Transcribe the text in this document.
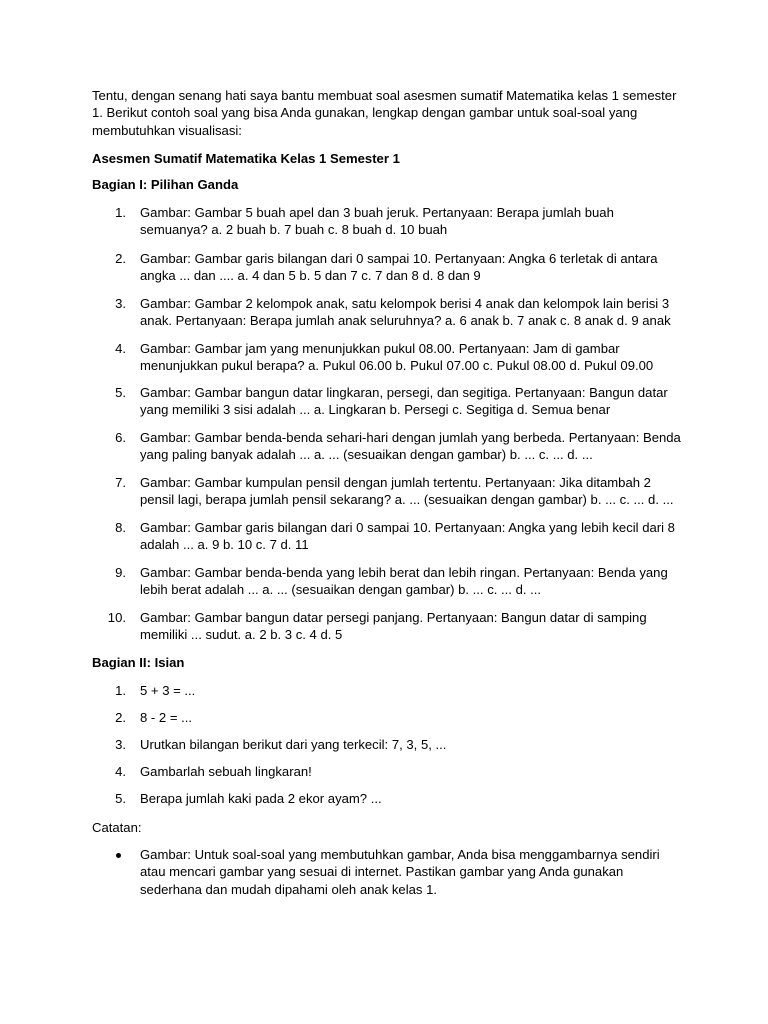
Tentu, dengan senang hati saya bantu membuat soal asesmen sumatif Matematika kelas 1 semester 1. Berikut contoh soal yang bisa Anda gunakan, lengkap dengan gambar untuk soal-soal yang membutuhkan visualisasi:

Asesmen Sumatif Matematika Kelas 1 Semester 1

Bagian I: Pilihan Ganda

1. Gambar: Gambar 5 buah apel dan 3 buah jeruk. Pertanyaan: Berapa jumlah buah semuanya? a. 2 buah b. 7 buah c. 8 buah d. 10 buah
2. Gambar: Gambar garis bilangan dari 0 sampai 10. Pertanyaan: Angka 6 terletak di antara angka ... dan .... a. 4 dan 5 b. 5 dan 7 c. 7 dan 8 d. 8 dan 9
3. Gambar: Gambar 2 kelompok anak, satu kelompok berisi 4 anak dan kelompok lain berisi 3 anak. Pertanyaan: Berapa jumlah anak seluruhnya? a. 6 anak b. 7 anak c. 8 anak d. 9 anak
4. Gambar: Gambar jam yang menunjukkan pukul 08.00. Pertanyaan: Jam di gambar menunjukkan pukul berapa? a. Pukul 06.00 b. Pukul 07.00 c. Pukul 08.00 d. Pukul 09.00
5. Gambar: Gambar bangun datar lingkaran, persegi, dan segitiga. Pertanyaan: Bangun datar yang memiliki 3 sisi adalah ... a. Lingkaran b. Persegi c. Segitiga d. Semua benar
6. Gambar: Gambar benda-benda sehari-hari dengan jumlah yang berbeda. Pertanyaan: Benda yang paling banyak adalah ... a. ... (sesuaikan dengan gambar) b. ... c. ... d. ...
7. Gambar: Gambar kumpulan pensil dengan jumlah tertentu. Pertanyaan: Jika ditambah 2 pensil lagi, berapa jumlah pensil sekarang? a. ... (sesuaikan dengan gambar) b. ... c. ... d. ...
8. Gambar: Gambar garis bilangan dari 0 sampai 10. Pertanyaan: Angka yang lebih kecil dari 8 adalah ... a. 9 b. 10 c. 7 d. 11
9. Gambar: Gambar benda-benda yang lebih berat dan lebih ringan. Pertanyaan: Benda yang lebih berat adalah ... a. ... (sesuaikan dengan gambar) b. ... c. ... d. ...
10. Gambar: Gambar bangun datar persegi panjang. Pertanyaan: Bangun datar di samping memiliki ... sudut. a. 2 b. 3 c. 4 d. 5

Bagian II: Isian

1. 5 + 3 = ...
2. 8 - 2 = ...
3. Urutkan bilangan berikut dari yang terkecil: 7, 3, 5, ...
4. Gambarlah sebuah lingkaran!
5. Berapa jumlah kaki pada 2 ekor ayam? ...

Catatan:

Gambar: Untuk soal-soal yang membutuhkan gambar, Anda bisa menggambarnya sendiri atau mencari gambar yang sesuai di internet. Pastikan gambar yang Anda gunakan sederhana dan mudah dipahami oleh anak kelas 1.
